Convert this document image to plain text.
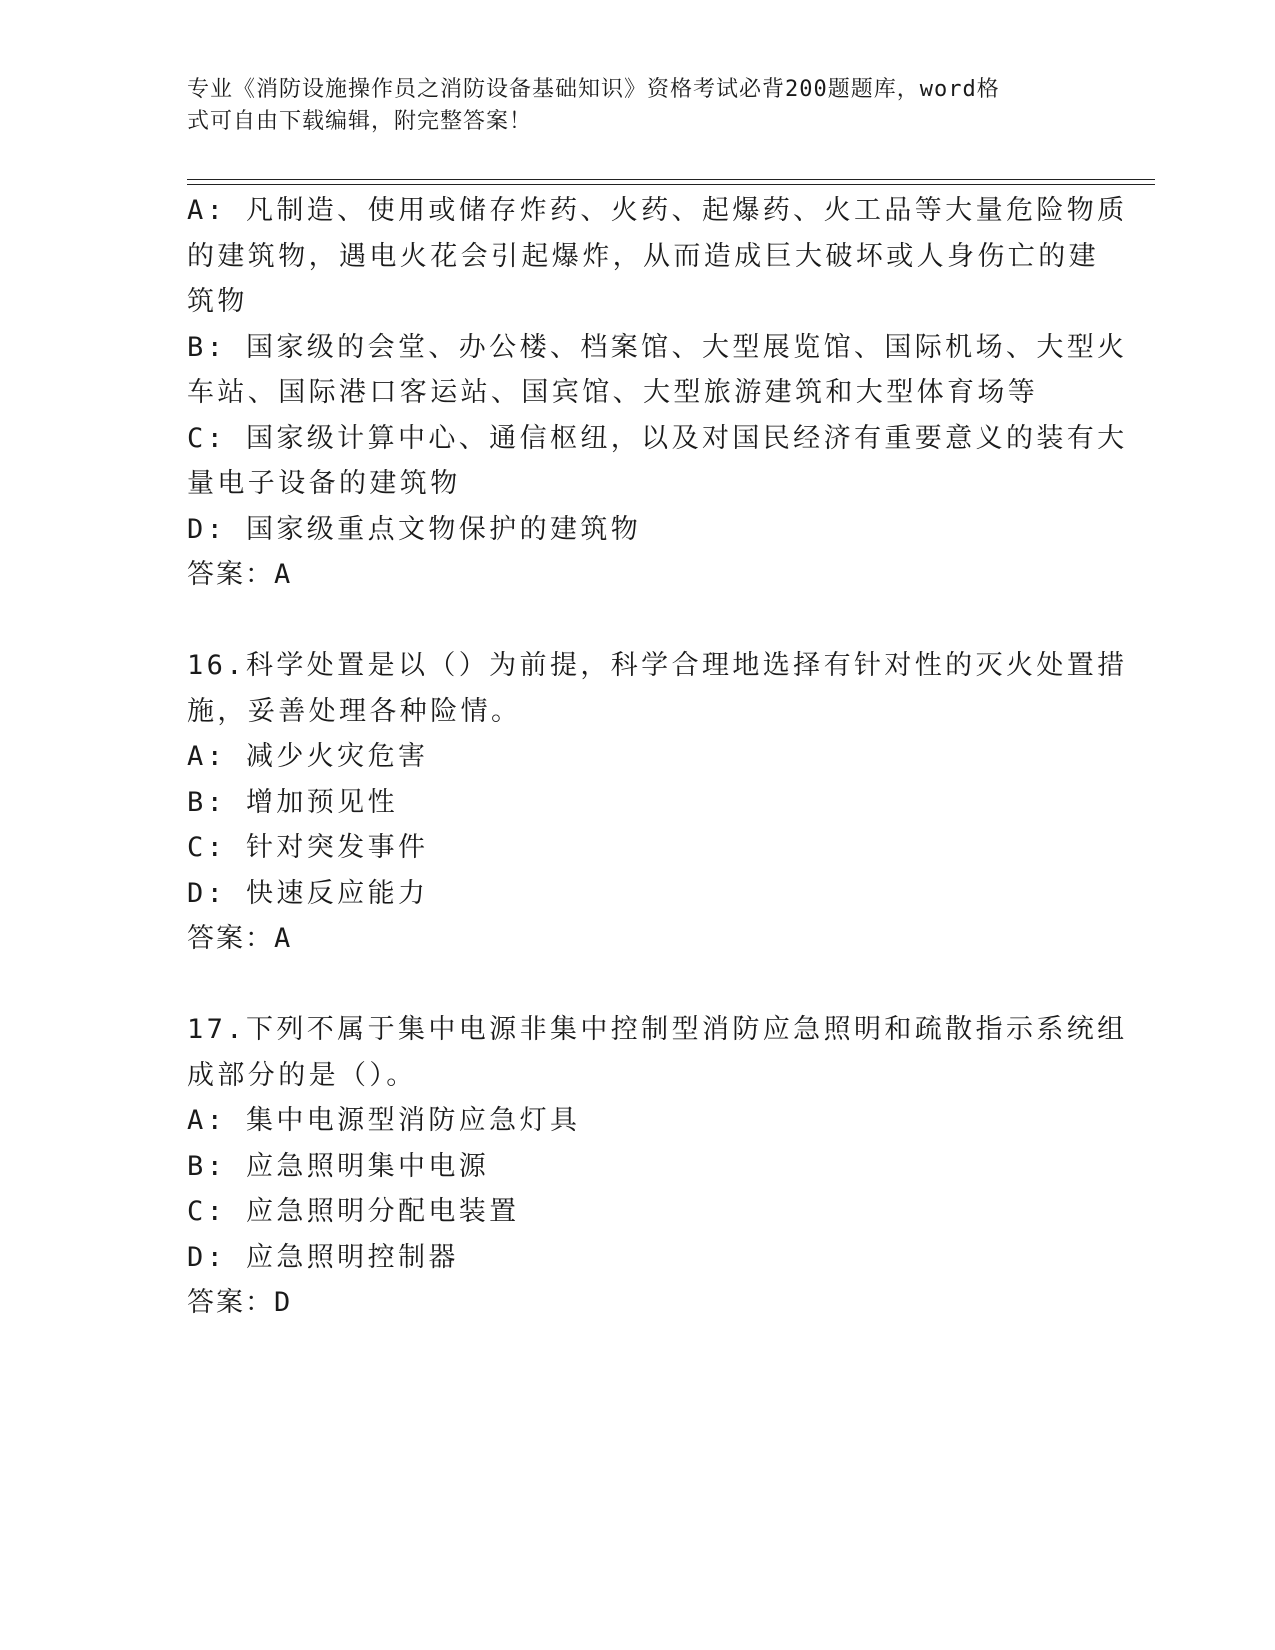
专业《消防设施操作员之消防设备基础知识》资格考试必背200题题库，word格
式可自由下载编辑，附完整答案！
A: 凡制造、使用或储存炸药、火药、起爆药、火工品等大量危险物质
的建筑物，遇电火花会引起爆炸，从而造成巨大破坏或人身伤亡的建
筑物
B: 国家级的会堂、办公楼、档案馆、大型展览馆、国际机场、大型火
车站、国际港口客运站、国宾馆、大型旅游建筑和大型体育场等
C: 国家级计算中心、通信枢纽，以及对国民经济有重要意义的装有大
量电子设备的建筑物
D: 国家级重点文物保护的建筑物
答案：A
16.科学处置是以（）为前提，科学合理地选择有针对性的灭火处置措
施，妥善处理各种险情。
A: 减少火灾危害
B: 增加预见性
C: 针对突发事件
D: 快速反应能力
答案：A
17.下列不属于集中电源非集中控制型消防应急照明和疏散指示系统组
成部分的是（）。
A: 集中电源型消防应急灯具
B: 应急照明集中电源
C: 应急照明分配电装置
D: 应急照明控制器
答案：D
